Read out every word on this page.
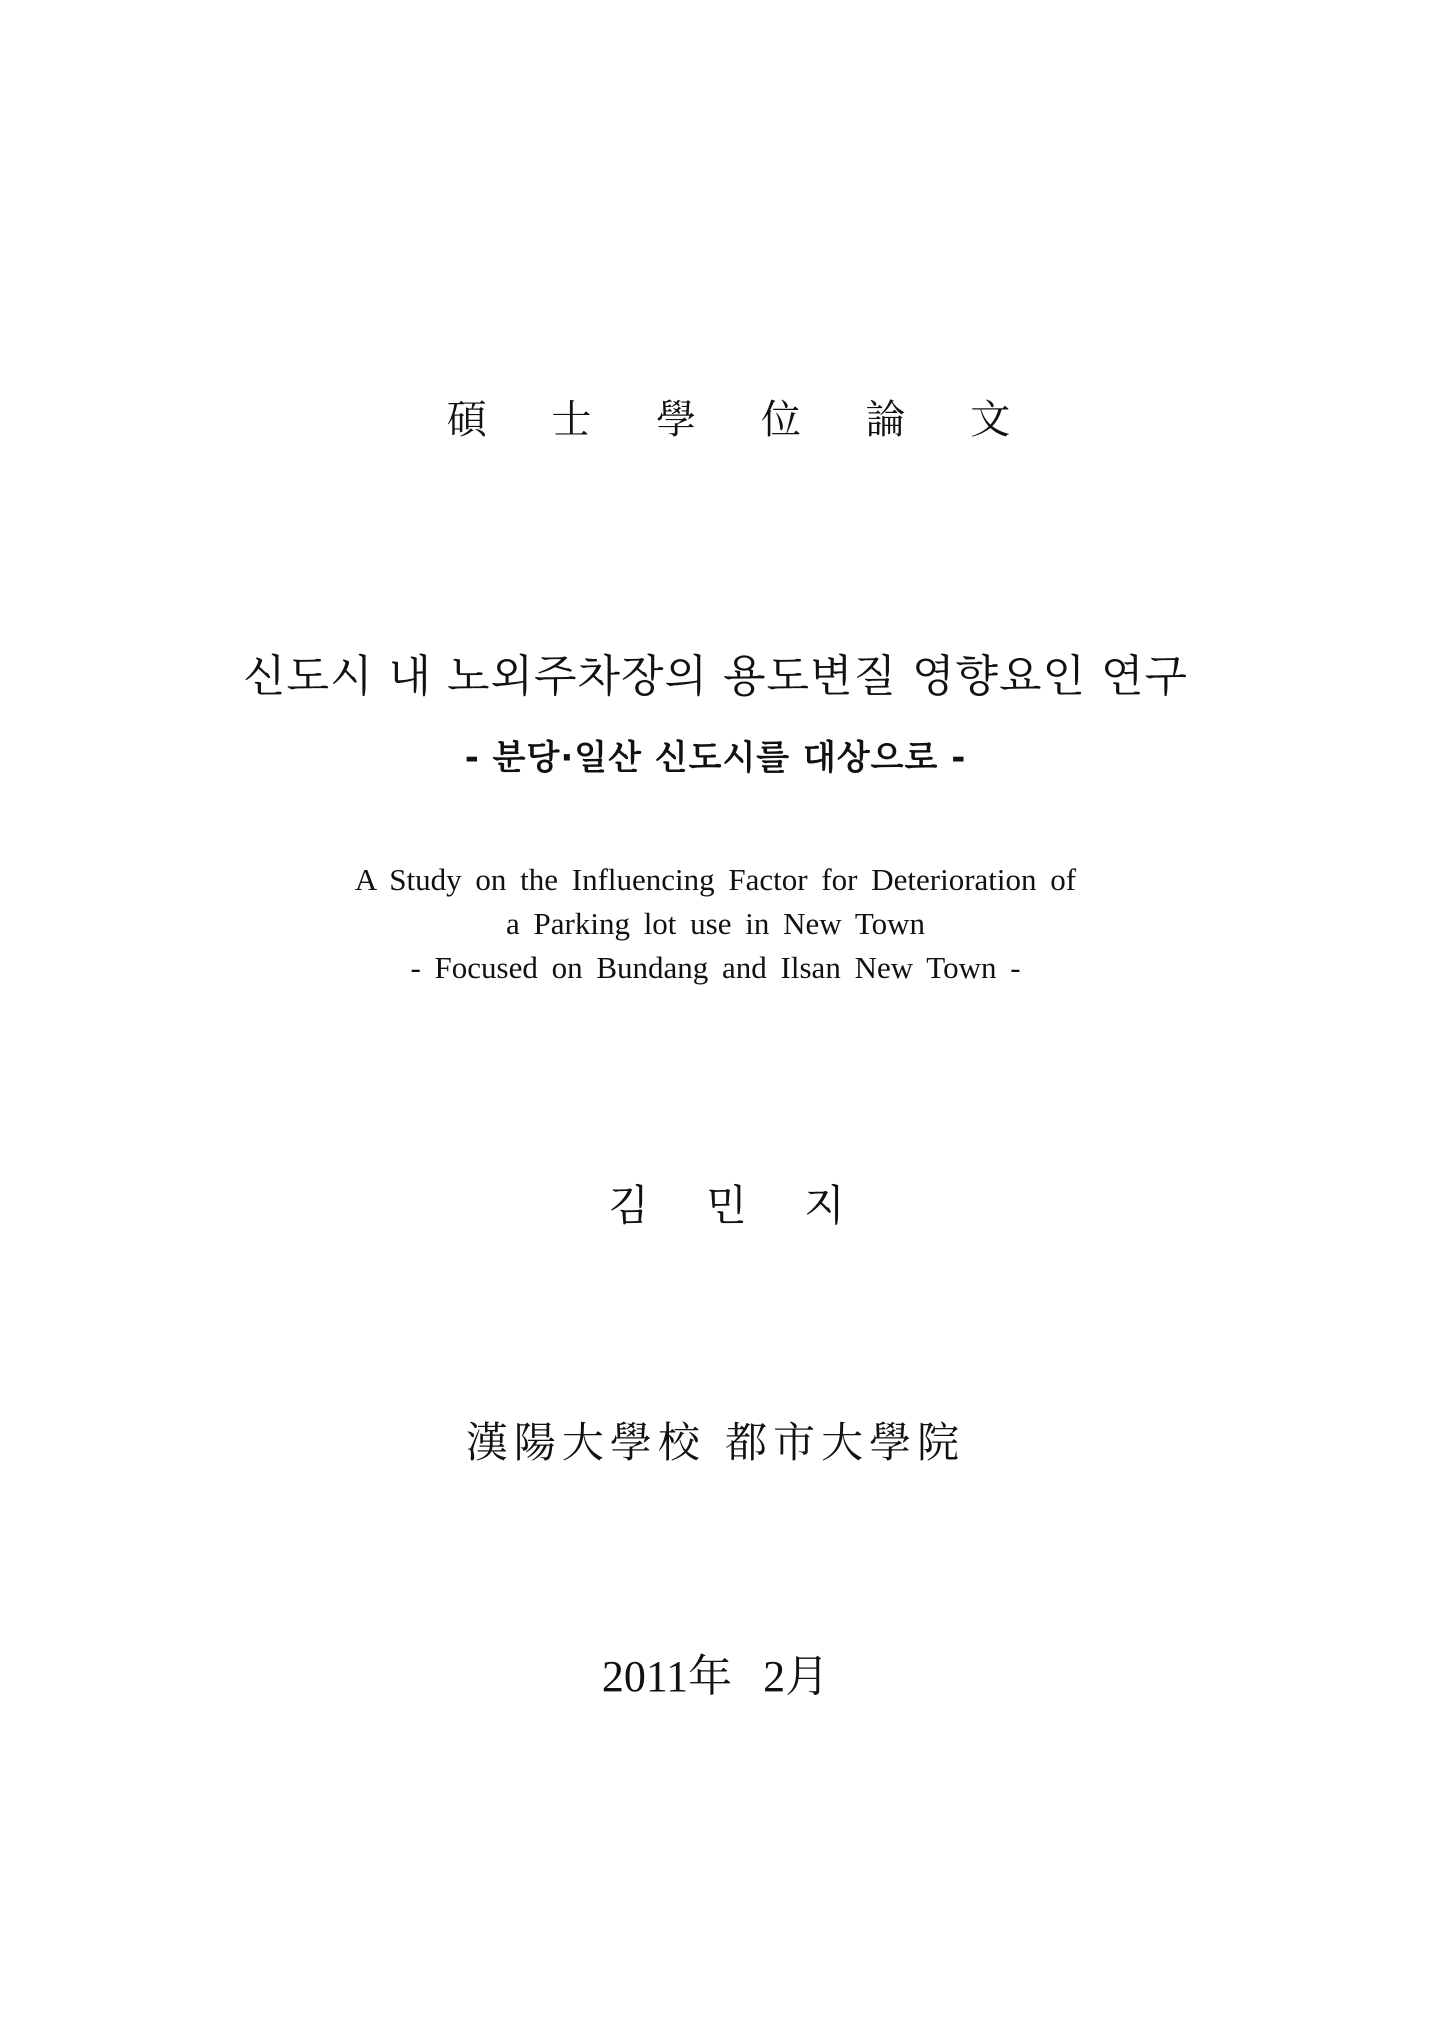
碩 士 學 位 論 文
신도시 내 노외주차장의 용도변질 영향요인 연구
- 분당·일산 신도시를 대상으로 -
A Study on the Influencing Factor for Deterioration of
a Parking lot use in New Town
- Focused on Bundang and Ilsan New Town -
김 민 지
漢陽大學校 都市大學院
2011年 2月
